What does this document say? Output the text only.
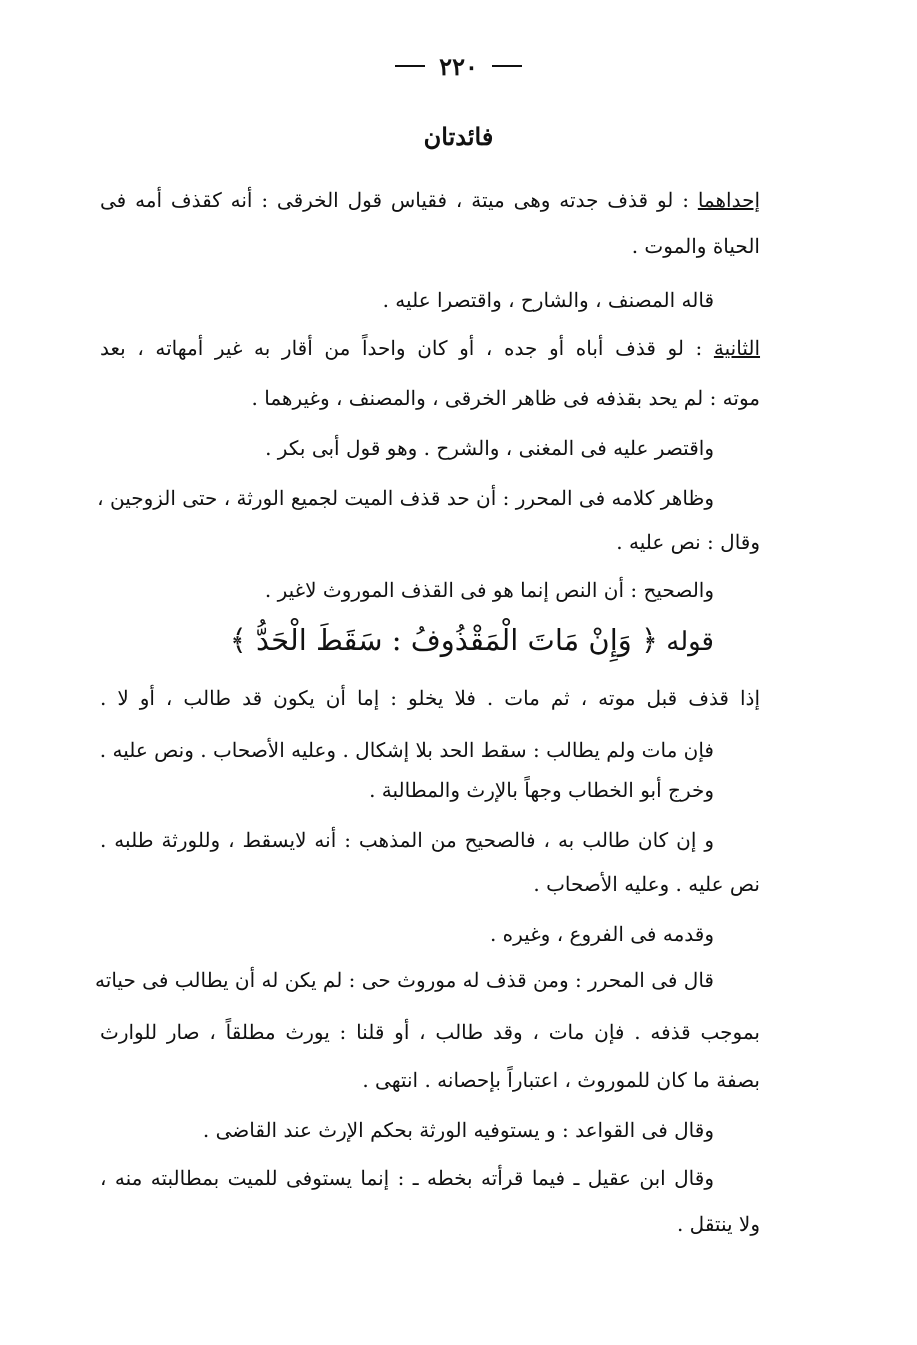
٢٢٠
فائدتان
إحداهما : لو قذف جدته وهى ميتة ، فقياس قول الخرقى : أنه كقذف أمه فى
الحياة والموت .
قاله المصنف ، والشارح ، واقتصرا عليه .
الثانية : لو قذف أباه أو جده ، أو كان واحداً من أقار به غير أمهاته ، بعد
موته : لم يحد بقذفه فى ظاهر الخرقى ، والمصنف ، وغيرهما .
واقتصر عليه فى المغنى ، والشرح . وهو قول أبى بكر .
وظاهر كلامه فى المحرر : أن حد قذف الميت لجميع الورثة ، حتى الزوجين ،
وقال : نص عليه .
والصحيح : أن النص إنما هو فى القذف الموروث لاغير .
قوله ﴿ وَإِنْ مَاتَ الْمَقْذُوفُ : سَقَطَ الْحَدُّ ﴾
إذا قذف قبل موته ، ثم مات . فلا يخلو : إما أن يكون قد طالب ، أو لا .
فإن مات ولم يطالب : سقط الحد بلا إشكال . وعليه الأصحاب . ونص عليه .
وخرج أبو الخطاب وجهاً بالإرث والمطالبة .
و إن كان طالب به ، فالصحيح من المذهب : أنه لايسقط ، وللورثة طلبه .
نص عليه . وعليه الأصحاب .
وقدمه فى الفروع ، وغيره .
قال فى المحرر : ومن قذف له موروث حى : لم يكن له أن يطالب فى حياته
بموجب قذفه . فإن مات ، وقد طالب ، أو قلنا : يورث مطلقاً ، صار للوارث
بصفة ما كان للموروث ، اعتباراً بإحصانه . انتهى .
وقال فى القواعد : و يستوفيه الورثة بحكم الإرث عند القاضى .
وقال ابن عقيل ـ فيما قرأته بخطه ـ : إنما يستوفى للميت بمطالبته منه ،
ولا ينتقل .
